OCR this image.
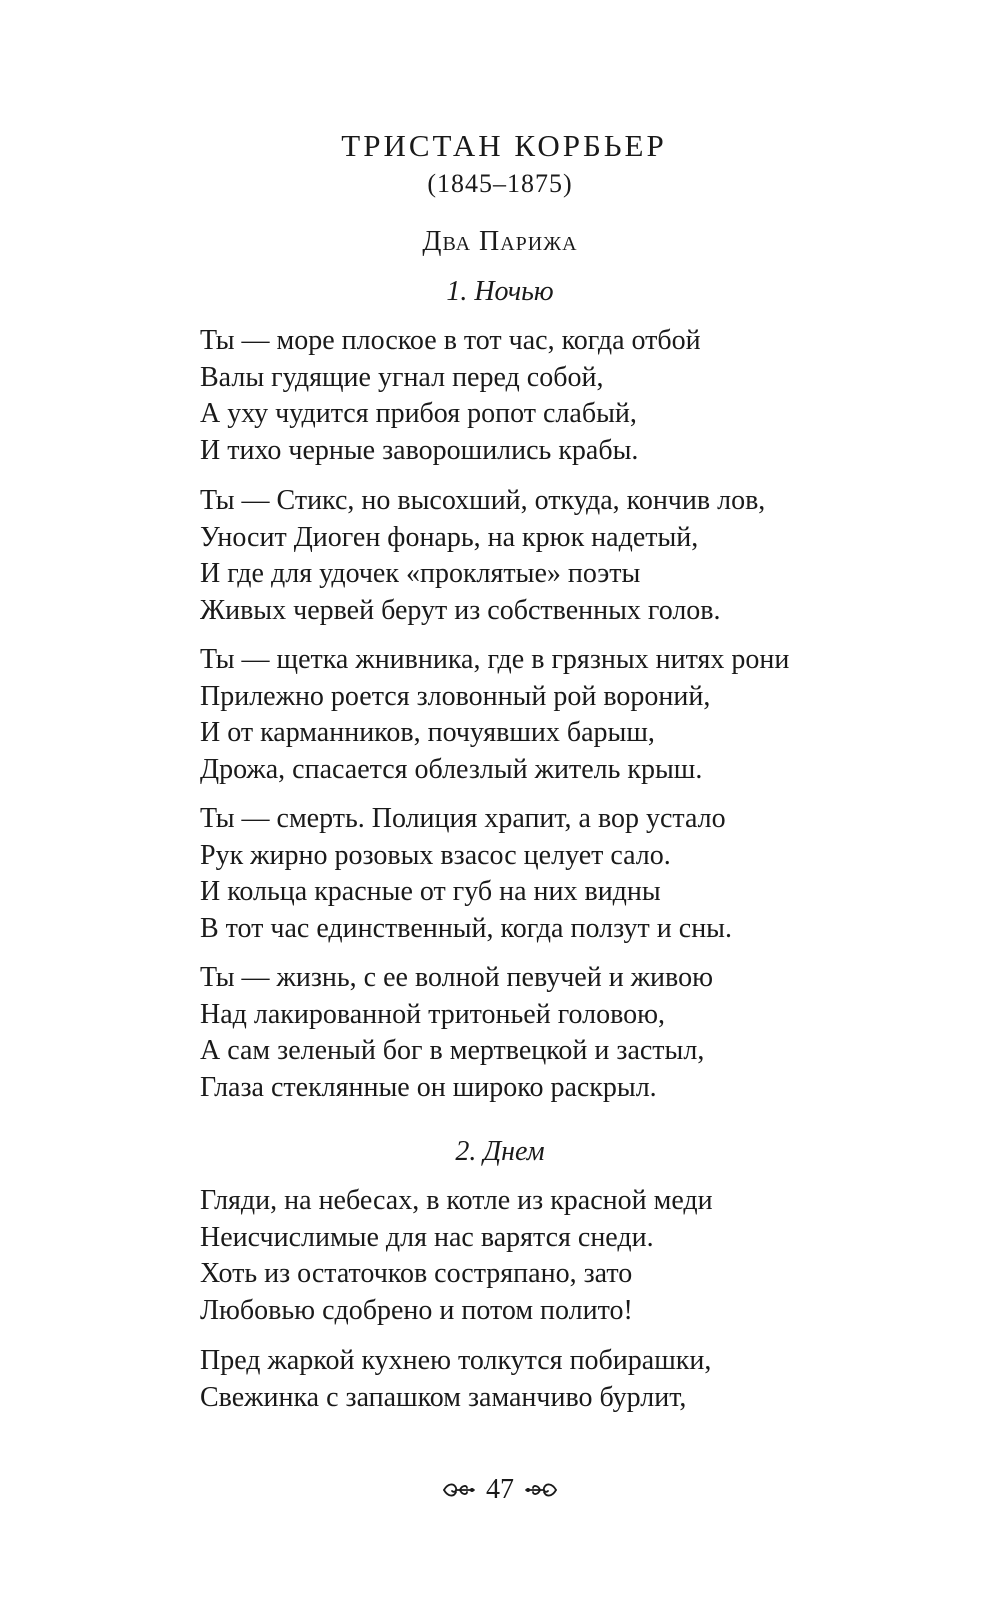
ТРИСТАН КОРБЬЕР
(1845–1875)
Два Парижа
1. Ночью
Ты — море плоское в тот час, когда отбой
Валы гудящие угнал перед собой,
А уху чудится прибоя ропот слабый,
И тихо черные заворошились крабы.
Ты — Стикс, но высохший, откуда, кончив лов,
Уносит Диоген фонарь, на крюк надетый,
И где для удочек «проклятые» поэты
Живых червей берут из собственных голов.
Ты — щетка жнивника, где в грязных нитях рони
Прилежно роется зловонный рой вороний,
И от карманников, почуявших барыш,
Дрожа, спасается облезлый житель крыш.
Ты — смерть. Полиция храпит, а вор устало
Рук жирно розовых взасос целует сало.
И кольца красные от губ на них видны
В тот час единственный, когда ползут и сны.
Ты — жизнь, с ее волной певучей и живою
Над лакированной тритоньей головою,
А сам зеленый бог в мертвецкой и застыл,
Глаза стеклянные он широко раскрыл.
2. Днем
Гляди, на небесах, в котле из красной меди
Неисчислимые для нас варятся снеди.
Хоть из остаточков состряпано, зато
Любовью сдобрено и потом полито!
Пред жаркой кухнею толкутся побирашки,
Свежинка с запашком заманчиво бурлит,
47
